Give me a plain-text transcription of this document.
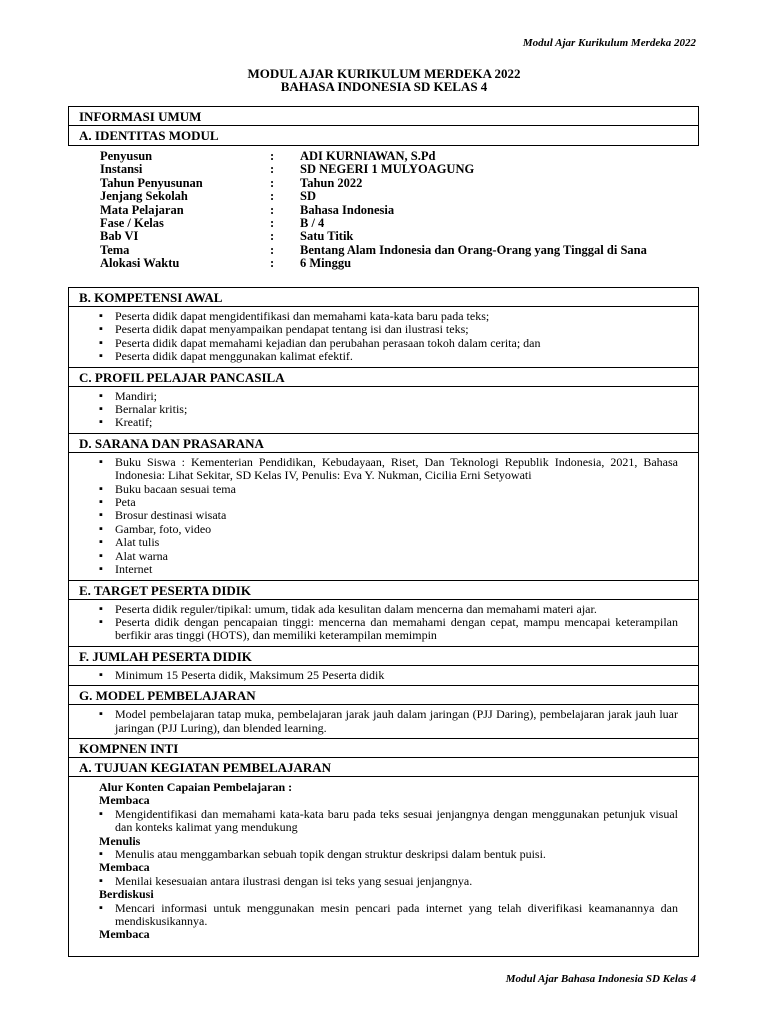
Modul Ajar Kurikulum Merdeka 2022
MODUL AJAR KURIKULUM MERDEKA 2022
BAHASA INDONESIA SD KELAS 4
INFORMASI UMUM
A. IDENTITAS MODUL
Penyusun	: ADI KURNIAWAN, S.Pd
Instansi	: SD NEGERI 1 MULYOAGUNG
Tahun Penyusunan	: Tahun 2022
Jenjang Sekolah	: SD
Mata Pelajaran	: Bahasa Indonesia
Fase / Kelas	: B / 4
Bab VI	: Satu Titik
Tema	: Bentang Alam Indonesia dan Orang-Orang yang Tinggal di Sana
Alokasi Waktu	: 6 Minggu
B. KOMPETENSI AWAL
▪ Peserta didik dapat mengidentifikasi dan memahami kata-kata baru pada teks;
▪ Peserta didik dapat menyampaikan pendapat tentang isi dan ilustrasi teks;
▪ Peserta didik dapat memahami kejadian dan perubahan perasaan tokoh dalam cerita; dan
▪ Peserta didik dapat menggunakan kalimat efektif.
C. PROFIL PELAJAR PANCASILA
▪ Mandiri;
▪ Bernalar kritis;
▪ Kreatif;
D. SARANA DAN PRASARANA
▪ Buku Siswa : Kementerian Pendidikan, Kebudayaan, Riset, Dan Teknologi Republik Indonesia, 2021, Bahasa Indonesia: Lihat Sekitar, SD Kelas IV, Penulis: Eva Y. Nukman, Cicilia Erni Setyowati
▪ Buku bacaan sesuai tema
▪ Peta
▪ Brosur destinasi wisata
▪ Gambar, foto, video
▪ Alat tulis
▪ Alat warna
▪ Internet
E. TARGET PESERTA DIDIK
▪ Peserta didik reguler/tipikal: umum, tidak ada kesulitan dalam mencerna dan memahami materi ajar.
▪ Peserta didik dengan pencapaian tinggi: mencerna dan memahami dengan cepat, mampu mencapai keterampilan berfikir aras tinggi (HOTS), dan memiliki keterampilan memimpin
F. JUMLAH PESERTA DIDIK
▪ Minimum 15 Peserta didik, Maksimum 25 Peserta didik
G. MODEL PEMBELAJARAN
▪ Model pembelajaran tatap muka, pembelajaran jarak jauh dalam jaringan (PJJ Daring), pembelajaran jarak jauh luar jaringan (PJJ Luring), dan blended learning.
KOMPNEN INTI
A. TUJUAN KEGIATAN PEMBELAJARAN
Alur Konten Capaian Pembelajaran :
Membaca
▪ Mengidentifikasi dan memahami kata-kata baru pada teks sesuai jenjangnya dengan menggunakan petunjuk visual dan konteks kalimat yang mendukung
Menulis
▪ Menulis atau menggambarkan sebuah topik dengan struktur deskripsi dalam bentuk puisi.
Membaca
▪ Menilai kesesuaian antara ilustrasi dengan isi teks yang sesuai jenjangnya.
Berdiskusi
▪ Mencari informasi untuk menggunakan mesin pencari pada internet yang telah diverifikasi keamanannya dan mendiskusikannya.
Membaca
Modul Ajar Bahasa Indonesia SD Kelas 4
